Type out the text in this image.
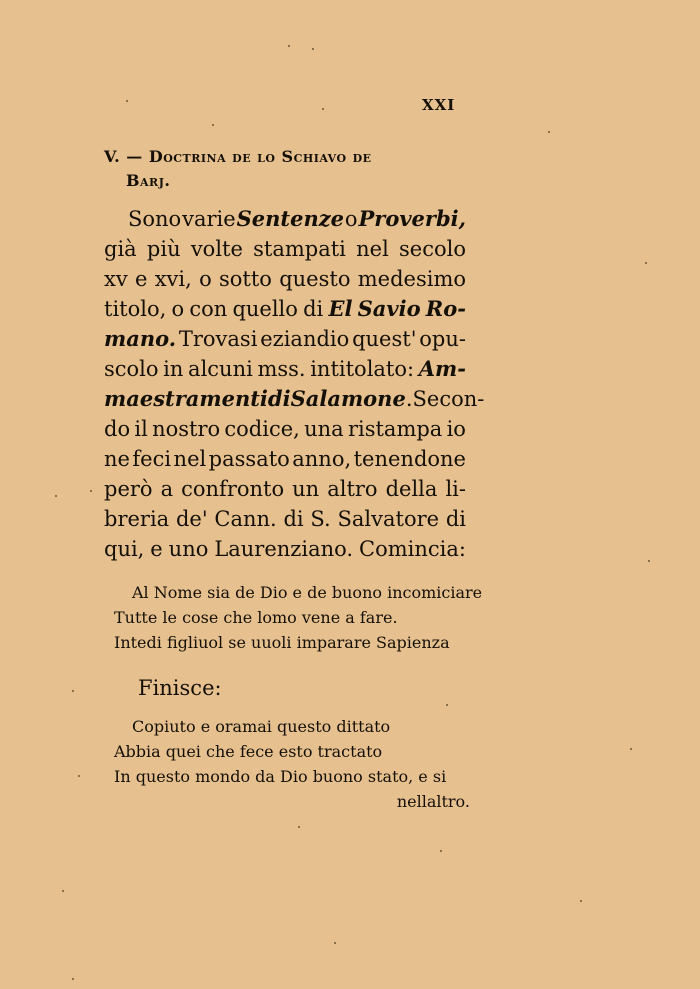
XXI
V. — Doctrina de lo Schiavo de
Barj.
Sono varie Sentenze o Proverbi,
già più volte stampati nel secolo
xv e xvi, o sotto questo medesimo
titolo, o con quello di El Savio Ro-
mano. Trovasi eziandio quest' opu-
scolo in alcuni mss. intitolato: Am-
maestramenti di Salamone . Secon-
do il nostro codice, una ristampa io
ne feci nel passato anno, tenendone
però a confronto un altro della li-
breria de' Cann. di S. Salvatore di
qui, e uno Laurenziano. Comincia:
Al Nome sia de Dio e de buono incomiciare
Tutte le cose che lomo vene a fare.
Intedi figliuol se uuoli imparare Sapienza
Finisce:
Copiuto e oramai questo dittato
Abbia quei che fece esto tractato
In questo mondo da Dio buono stato, e si
nellaltro.
